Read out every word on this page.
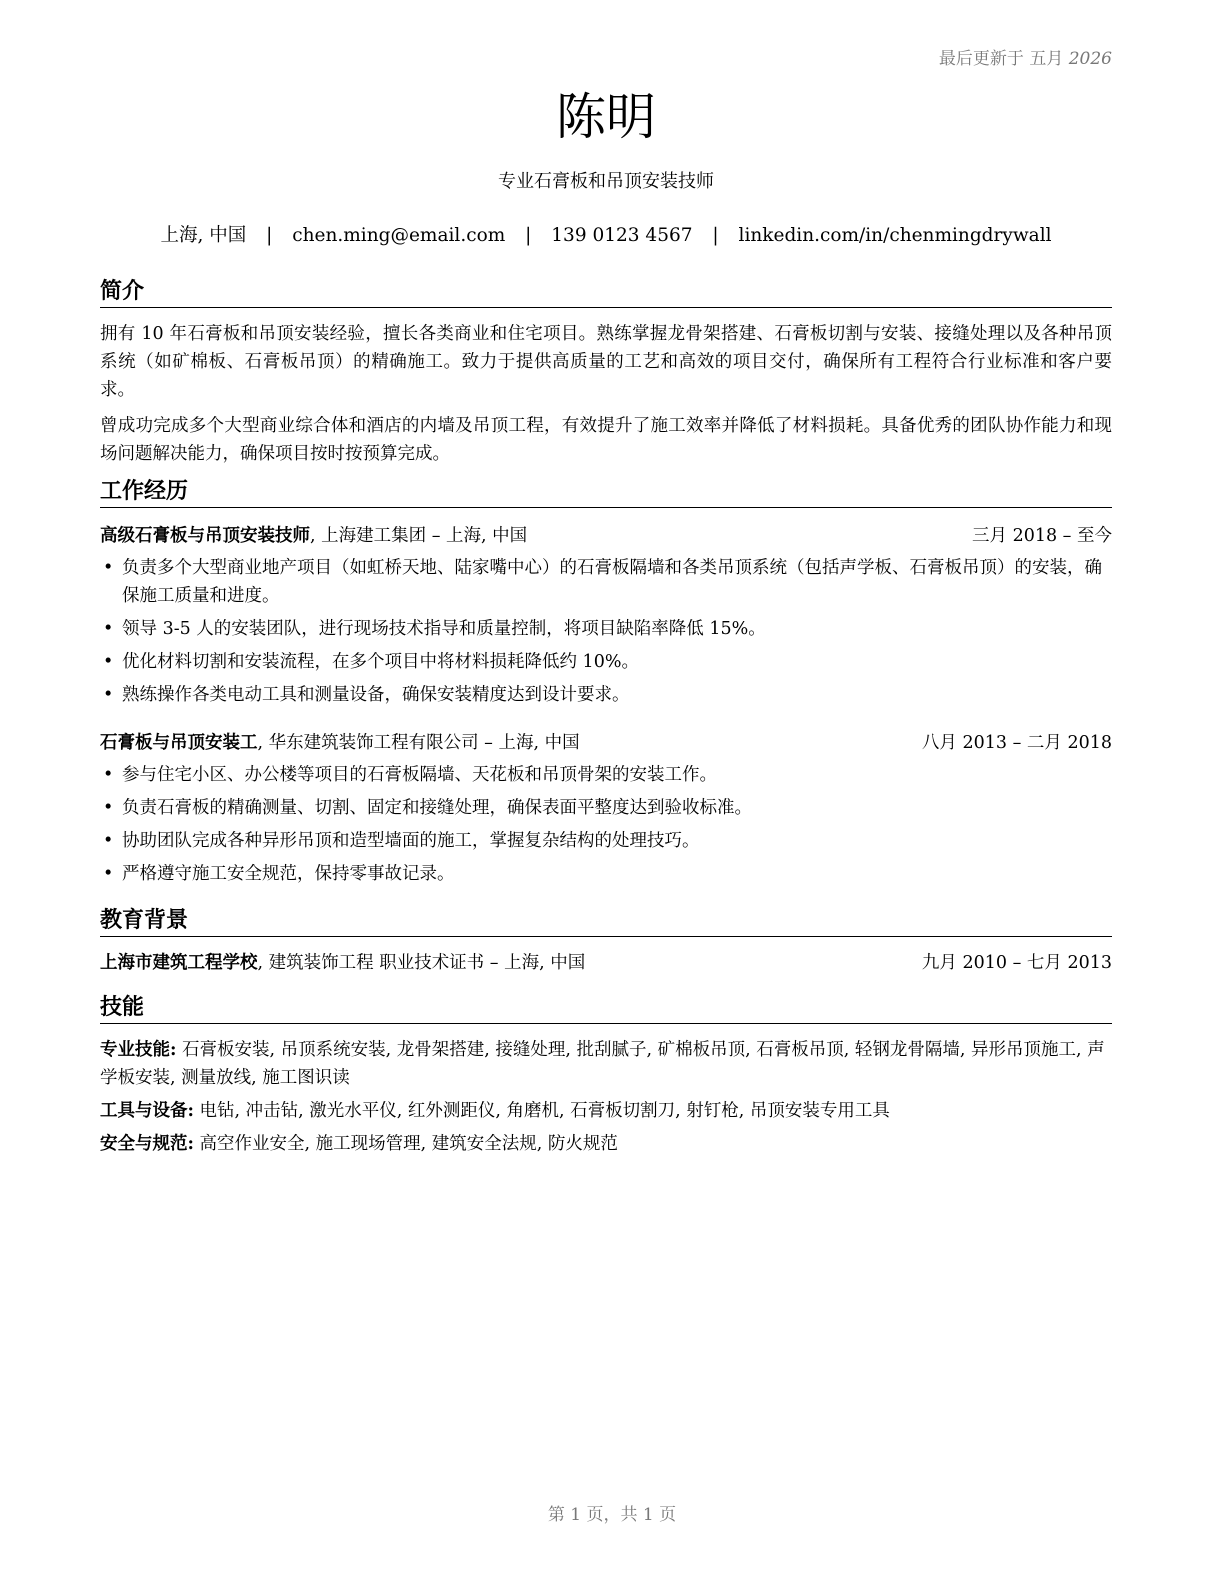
最后更新于 五月 2026
陈明
专业石膏板和吊顶安装技师
上海, 中国 | chen.ming@email.com | 139 0123 4567 | linkedin.com/in/chenmingdrywall
简介

拥有 10 年石膏板和吊顶安装经验，擅长各类商业和住宅项目。熟练掌握龙骨架搭建、石膏板切割与安装、接缝处理以及各种吊顶系统（如矿棉板、石膏板吊顶）的精确施工。致力于提供高质量的工艺和高效的项目交付，确保所有工程符合行业标准和客户要求。

曾成功完成多个大型商业综合体和酒店的内墙及吊顶工程，有效提升了施工效率并降低了材料损耗。具备优秀的团队协作能力和现场问题解决能力，确保项目按时按预算完成。

工作经历
高级石膏板与吊顶安装技师, 上海建工集团 – 上海, 中国	三月 2018 – 至今
• 负责多个大型商业地产项目（如虹桥天地、陆家嘴中心）的石膏板隔墙和各类吊顶系统（包括声学板、石膏板吊顶）的安装，确保施工质量和进度。
• 领导 3-5 人的安装团队，进行现场技术指导和质量控制，将项目缺陷率降低 15%。
• 优化材料切割和安装流程，在多个项目中将材料损耗降低约 10%。
• 熟练操作各类电动工具和测量设备，确保安装精度达到设计要求。
石膏板与吊顶安装工, 华东建筑装饰工程有限公司 – 上海, 中国	八月 2013 – 二月 2018
• 参与住宅小区、办公楼等项目的石膏板隔墙、天花板和吊顶骨架的安装工作。
• 负责石膏板的精确测量、切割、固定和接缝处理，确保表面平整度达到验收标准。
• 协助团队完成各种异形吊顶和造型墙面的施工，掌握复杂结构的处理技巧。
• 严格遵守施工安全规范，保持零事故记录。
教育背景
上海市建筑工程学校, 建筑装饰工程 职业技术证书 – 上海, 中国	九月 2010 – 七月 2013
技能
专业技能: 石膏板安装, 吊顶系统安装, 龙骨架搭建, 接缝处理, 批刮腻子, 矿棉板吊顶, 石膏板吊顶, 轻钢龙骨隔墙, 异形吊顶施工, 声学板安装, 测量放线, 施工图识读
工具与设备: 电钻, 冲击钻, 激光水平仪, 红外测距仪, 角磨机, 石膏板切割刀, 射钉枪, 吊顶安装专用工具
安全与规范: 高空作业安全, 施工现场管理, 建筑安全法规, 防火规范
第 1 页，共 1 页
